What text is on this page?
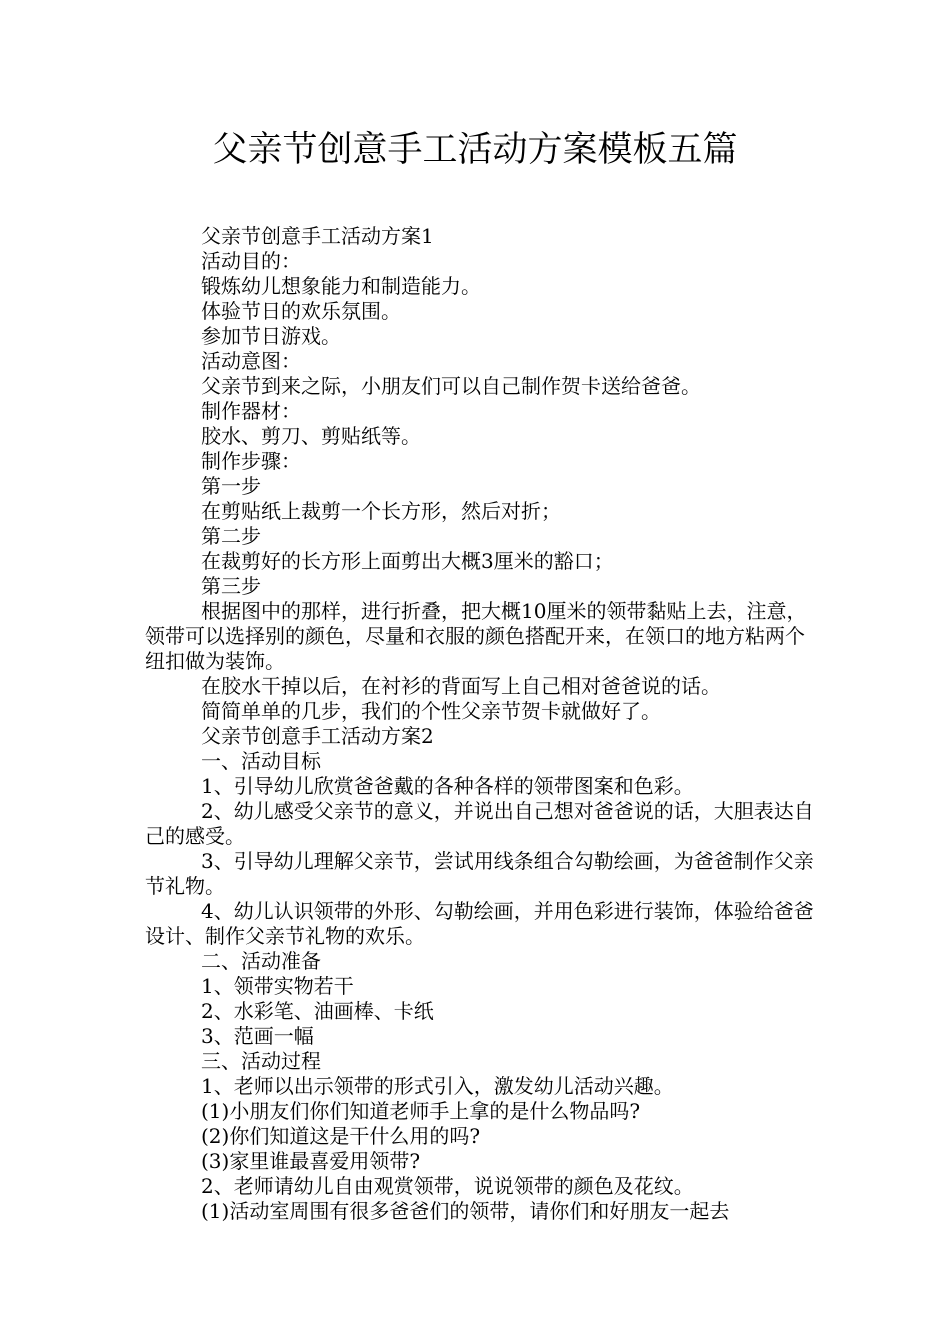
父亲节创意手工活动方案模板五篇
父亲节创意手工活动方案1
活动目的：
锻炼幼儿想象能力和制造能力。
体验节日的欢乐氛围。
参加节日游戏。
活动意图：
父亲节到来之际，小朋友们可以自己制作贺卡送给爸爸。
制作器材：
胶水、剪刀、剪贴纸等。
制作步骤：
第一步
在剪贴纸上裁剪一个长方形，然后对折；
第二步
在裁剪好的长方形上面剪出大概3厘米的豁口；
第三步
根据图中的那样，进行折叠，把大概10厘米的领带黏贴上去，注意，领带可以选择别的颜色，尽量和衣服的颜色搭配开来，在领口的地方粘两个纽扣做为装饰。
在胶水干掉以后，在衬衫的背面写上自己相对爸爸说的话。
简简单单的几步，我们的个性父亲节贺卡就做好了。
父亲节创意手工活动方案2
一、活动目标
1、引导幼儿欣赏爸爸戴的各种各样的领带图案和色彩。
2、幼儿感受父亲节的意义，并说出自己想对爸爸说的话，大胆表达自己的感受。
3、引导幼儿理解父亲节，尝试用线条组合勾勒绘画，为爸爸制作父亲节礼物。
4、幼儿认识领带的外形、勾勒绘画，并用色彩进行装饰，体验给爸爸设计、制作父亲节礼物的欢乐。
二、活动准备
1、领带实物若干
2、水彩笔、油画棒、卡纸
3、范画一幅
三、活动过程
1、老师以出示领带的形式引入，激发幼儿活动兴趣。
(1)小朋友们你们知道老师手上拿的是什么物品吗?
(2)你们知道这是干什么用的吗?
(3)家里谁最喜爱用领带?
2、老师请幼儿自由观赏领带，说说领带的颜色及花纹。
(1)活动室周围有很多爸爸们的领带，请你们和好朋友一起去
